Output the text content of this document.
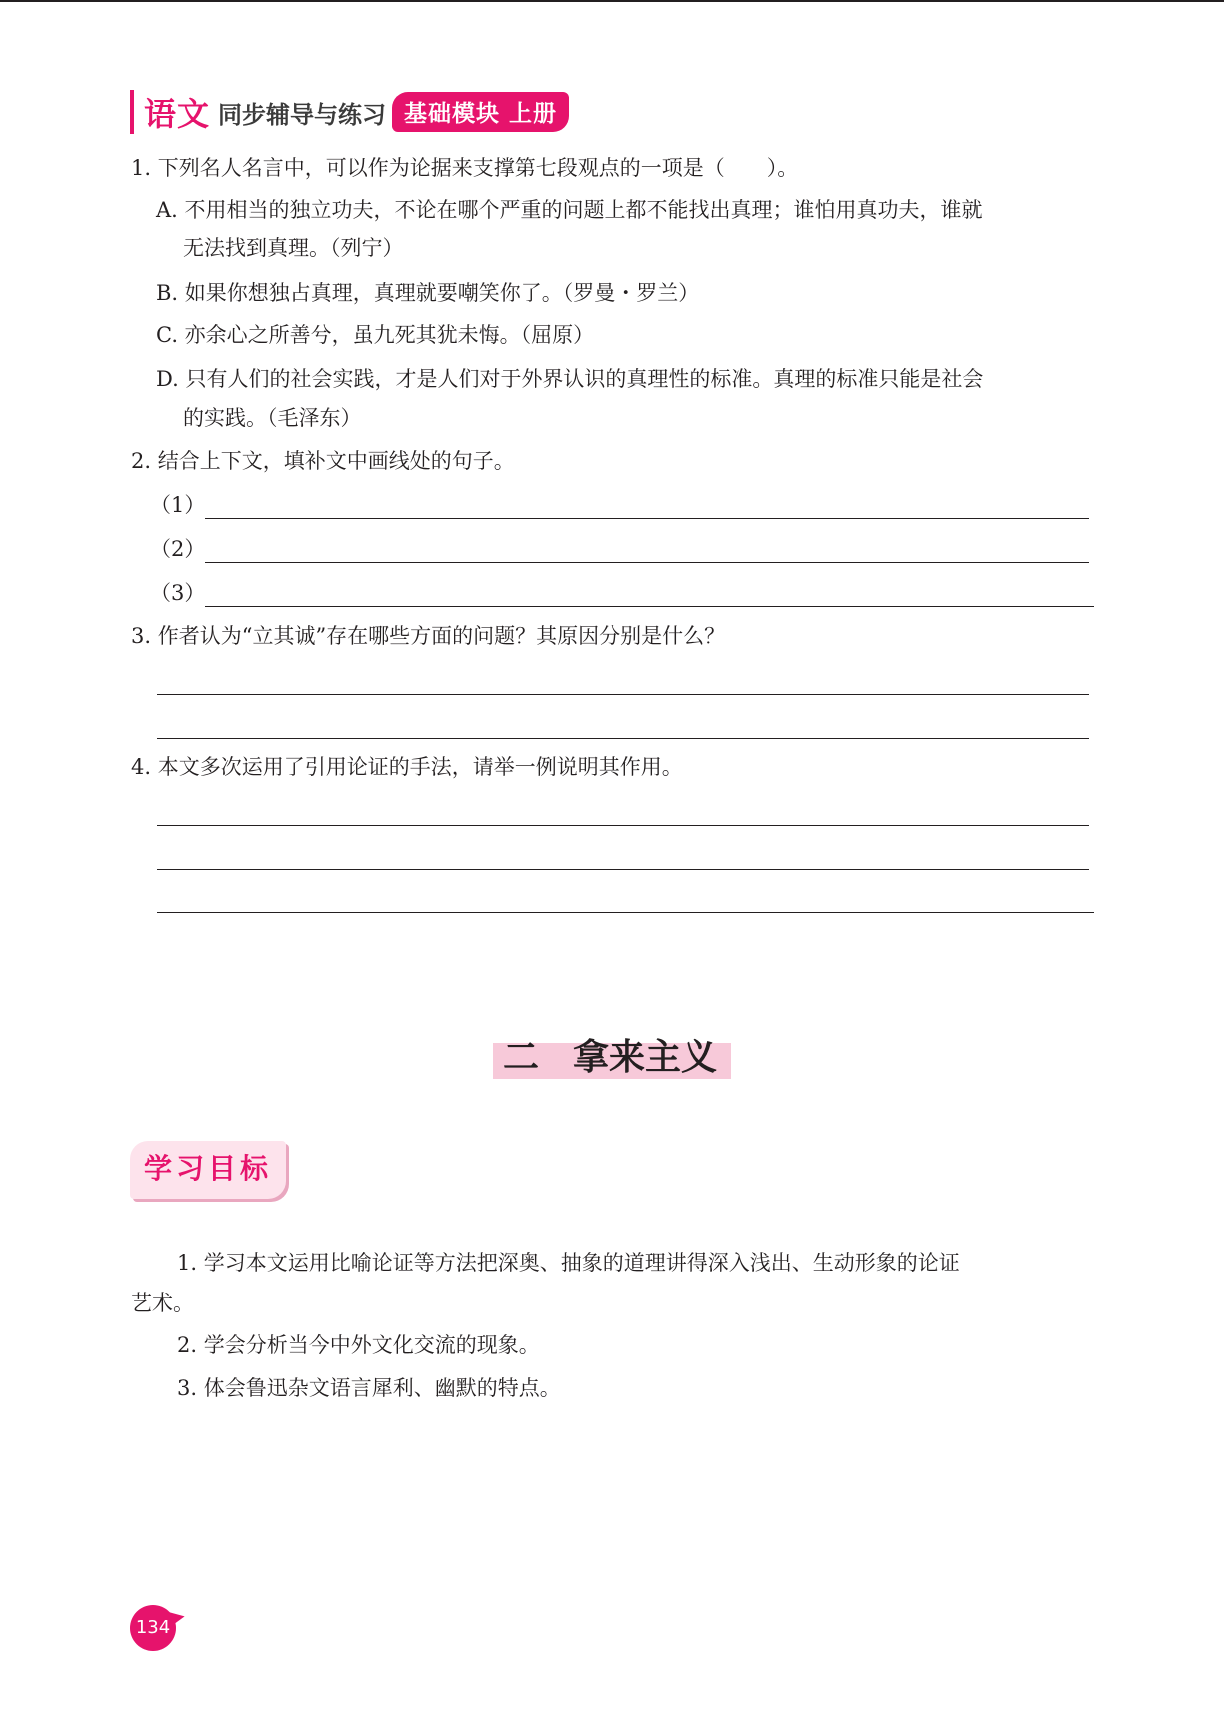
语文 同步辅导与练习 基础模块 上册
1. 下列名人名言中，可以作为论据来支撑第七段观点的一项是（　　）。
A. 不用相当的独立功夫，不论在哪个严重的问题上都不能找出真理；谁怕用真功夫，谁就
无法找到真理。（列宁）
B. 如果你想独占真理，真理就要嘲笑你了。（罗曼・罗兰）
C. 亦余心之所善兮，虽九死其犹未悔。（屈原）
D. 只有人们的社会实践，才是人们对于外界认识的真理性的标准。真理的标准只能是社会
的实践。（毛泽东）
2. 结合上下文，填补文中画线处的句子。
（1）
（2）
（3）
3. 作者认为“立其诚”存在哪些方面的问题？其原因分别是什么？
4. 本文多次运用了引用论证的手法，请举一例说明其作用。
二 拿来主义
学习目标
1. 学习本文运用比喻论证等方法把深奥、抽象的道理讲得深入浅出、生动形象的论证
艺术。
2. 学会分析当今中外文化交流的现象。
3. 体会鲁迅杂文语言犀利、幽默的特点。
134
